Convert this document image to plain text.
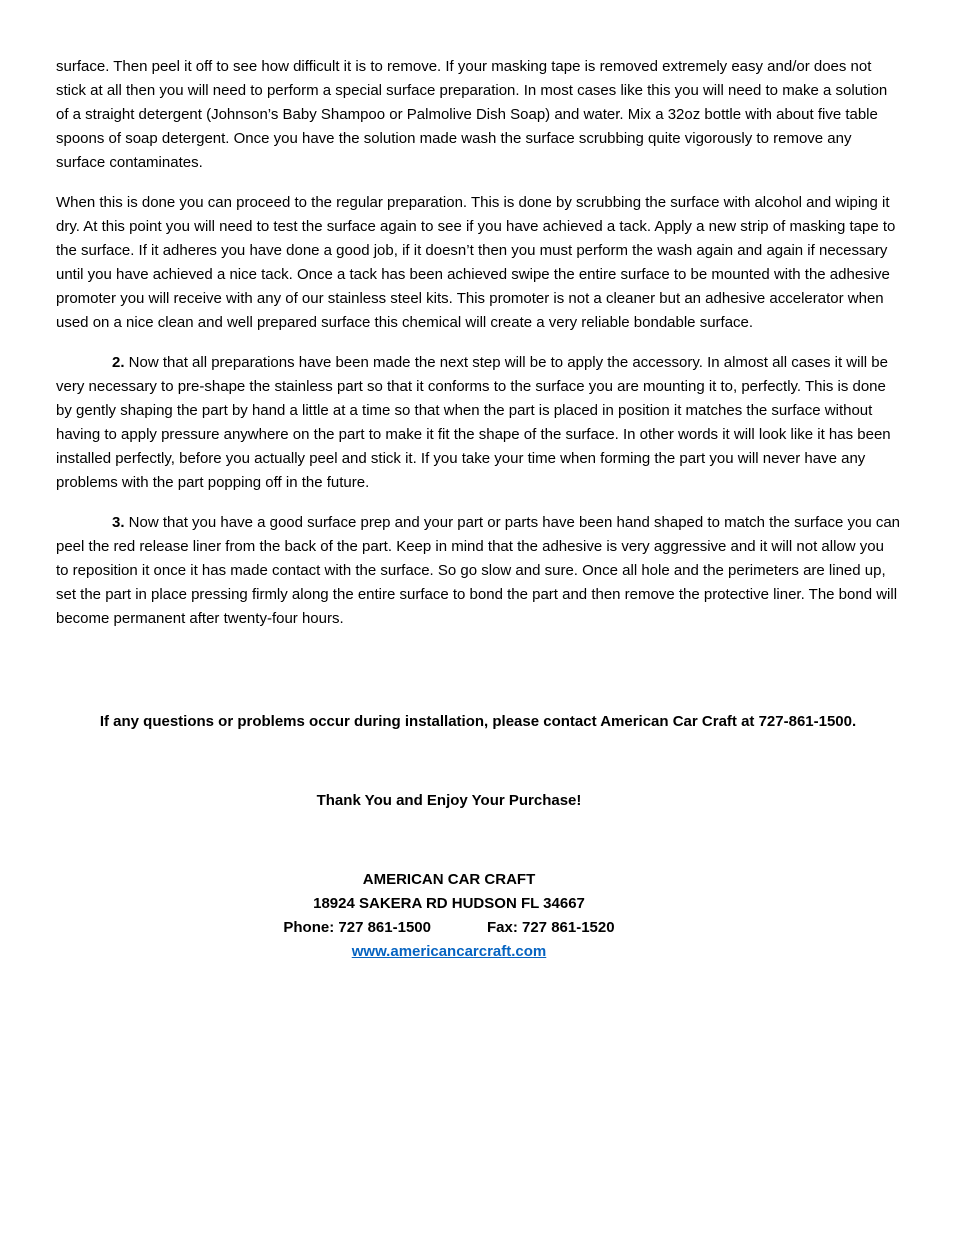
surface. Then peel it off to see how difficult it is to remove. If your masking tape is removed extremely easy and/or does not stick at all then you will need to perform a special surface preparation. In most cases like this you will need to make a solution of a straight detergent (Johnson’s Baby Shampoo or Palmolive Dish Soap) and water. Mix a 32oz bottle with about five table spoons of soap detergent. Once you have the solution made wash the surface scrubbing quite vigorously to remove any surface contaminates.

When this is done you can proceed to the regular preparation. This is done by scrubbing the surface with alcohol and wiping it dry. At this point you will need to test the surface again to see if you have achieved a tack. Apply a new strip of masking tape to the surface. If it adheres you have done a good job, if it doesn’t then you must perform the wash again and again if necessary until you have achieved a nice tack. Once a tack has been achieved swipe the entire surface to be mounted with the adhesive promoter you will receive with any of our stainless steel kits. This promoter is not a cleaner but an adhesive accelerator when used on a nice clean and well prepared surface this chemical will create a very reliable bondable surface.

2. Now that all preparations have been made the next step will be to apply the accessory. In almost all cases it will be very necessary to pre-shape the stainless part so that it conforms to the surface you are mounting it to, perfectly. This is done by gently shaping the part by hand a little at a time so that when the part is placed in position it matches the surface without having to apply pressure anywhere on the part to make it fit the shape of the surface. In other words it will look like it has been installed perfectly, before you actually peel and stick it. If you take your time when forming the part you will never have any problems with the part popping off in the future.

3. Now that you have a good surface prep and your part or parts have been hand shaped to match the surface you can peel the red release liner from the back of the part. Keep in mind that the adhesive is very aggressive and it will not allow you to reposition it once it has made contact with the surface. So go slow and sure. Once all hole and the perimeters are lined up, set the part in place pressing firmly along the entire surface to bond the part and then remove the protective liner. The bond will become permanent after twenty-four hours.

If any questions or problems occur during installation, please contact American Car Craft at 727-861-1500.
Thank You and Enjoy Your Purchase!
AMERICAN CAR CRAFT
18924 SAKERA RD HUDSON FL 34667
Phone: 727 861-1500	Fax: 727 861-1520
www.americancarcraft.com
